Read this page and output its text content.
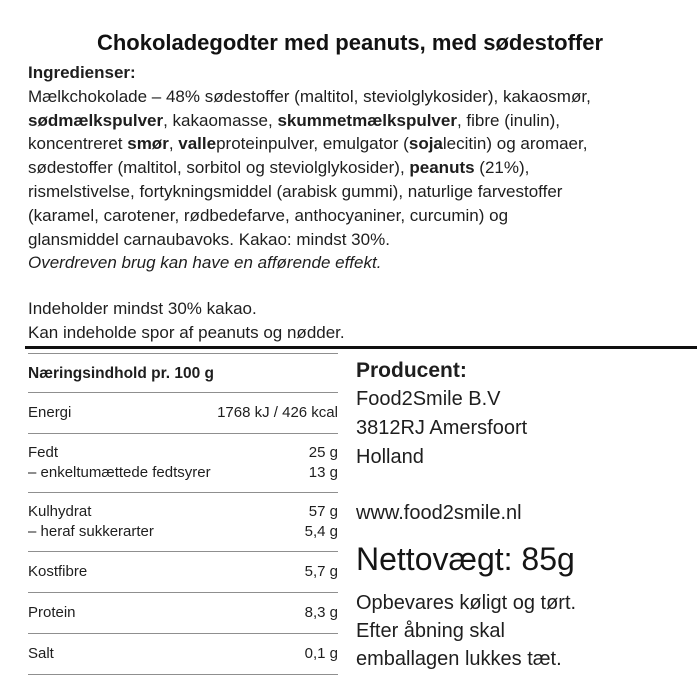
Chokoladegodter med peanuts, med sødestoffer
Ingredienser:
Mælkchokolade – 48% sødestoffer (maltitol, steviolglykosider), kakaosmør,
sødmælkspulver, kakaomasse, skummetmælkspulver, fibre (inulin),
koncentreret smør, valleproteinpulver, emulgator (sojalecitin) og aromaer,
sødestoffer (maltitol, sorbitol og steviolglykosider), peanuts (21%),
rismelstivelse, fortykningsmiddel (arabisk gummi), naturlige farvestoffer
(karamel, carotener, rødbedefarve, anthocyaniner, curcumin) og
glansmiddel carnaubavoks. Kakao: mindst 30%.
Overdreven brug kan have en afførende effekt.
Indeholder mindst 30% kakao.
Kan indeholde spor af peanuts og nødder.
Næringsindhold pr. 100 g
Energi	1768 kJ / 426 kcal
Fedt	25 g
– enkeltumættede fedtsyrer	13 g
Kulhydrat	57 g
– heraf sukkerarter	5,4 g
Kostfibre	5,7 g
Protein	8,3 g
Salt	0,1 g
Producent:
Food2Smile B.V
3812RJ Amersfoort
Holland
www.food2smile.nl
Nettovægt: 85g
Opbevares køligt og tørt.
Efter åbning skal
emballagen lukkes tæt.
